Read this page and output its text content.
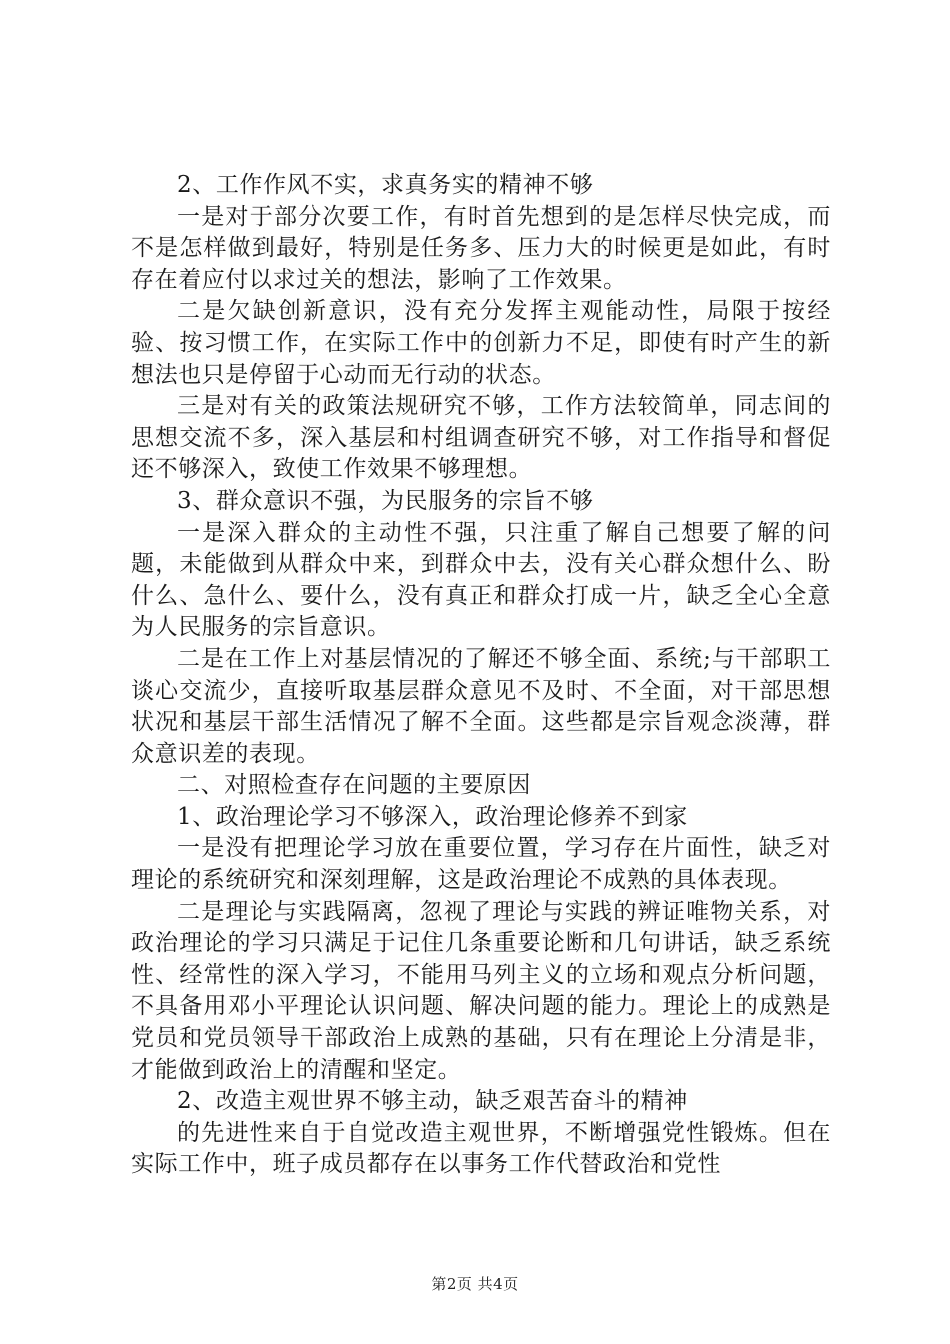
2、工作作风不实，求真务实的精神不够

一是对于部分次要工作，有时首先想到的是怎样尽快完成，而不是怎样做到最好，特别是任务多、压力大的时候更是如此，有时存在着应付以求过关的想法，影响了工作效果。

二是欠缺创新意识，没有充分发挥主观能动性，局限于按经验、按习惯工作，在实际工作中的创新力不足，即使有时产生的新想法也只是停留于心动而无行动的状态。

三是对有关的政策法规研究不够，工作方法较简单，同志间的思想交流不多，深入基层和村组调查研究不够，对工作指导和督促还不够深入，致使工作效果不够理想。

3、群众意识不强，为民服务的宗旨不够

一是深入群众的主动性不强，只注重了解自己想要了解的问题，未能做到从群众中来，到群众中去，没有关心群众想什么、盼什么、急什么、要什么，没有真正和群众打成一片，缺乏全心全意为人民服务的宗旨意识。

二是在工作上对基层情况的了解还不够全面、系统;与干部职工谈心交流少，直接听取基层群众意见不及时、不全面，对干部思想状况和基层干部生活情况了解不全面。这些都是宗旨观念淡薄，群众意识差的表现。

二、对照检查存在问题的主要原因

1、政治理论学习不够深入，政治理论修养不到家

一是没有把理论学习放在重要位置，学习存在片面性，缺乏对理论的系统研究和深刻理解，这是政治理论不成熟的具体表现。

二是理论与实践隔离，忽视了理论与实践的辨证唯物关系，对政治理论的学习只满足于记住几条重要论断和几句讲话，缺乏系统性、经常性的深入学习，不能用马列主义的立场和观点分析问题，不具备用邓小平理论认识问题、解决问题的能力。理论上的成熟是党员和党员领导干部政治上成熟的基础，只有在理论上分清是非，才能做到政治上的清醒和坚定。

2、改造主观世界不够主动，缺乏艰苦奋斗的精神

的先进性来自于自觉改造主观世界，不断增强党性锻炼。但在实际工作中，班子成员都存在以事务工作代替政治和党性

第2页 共4页
